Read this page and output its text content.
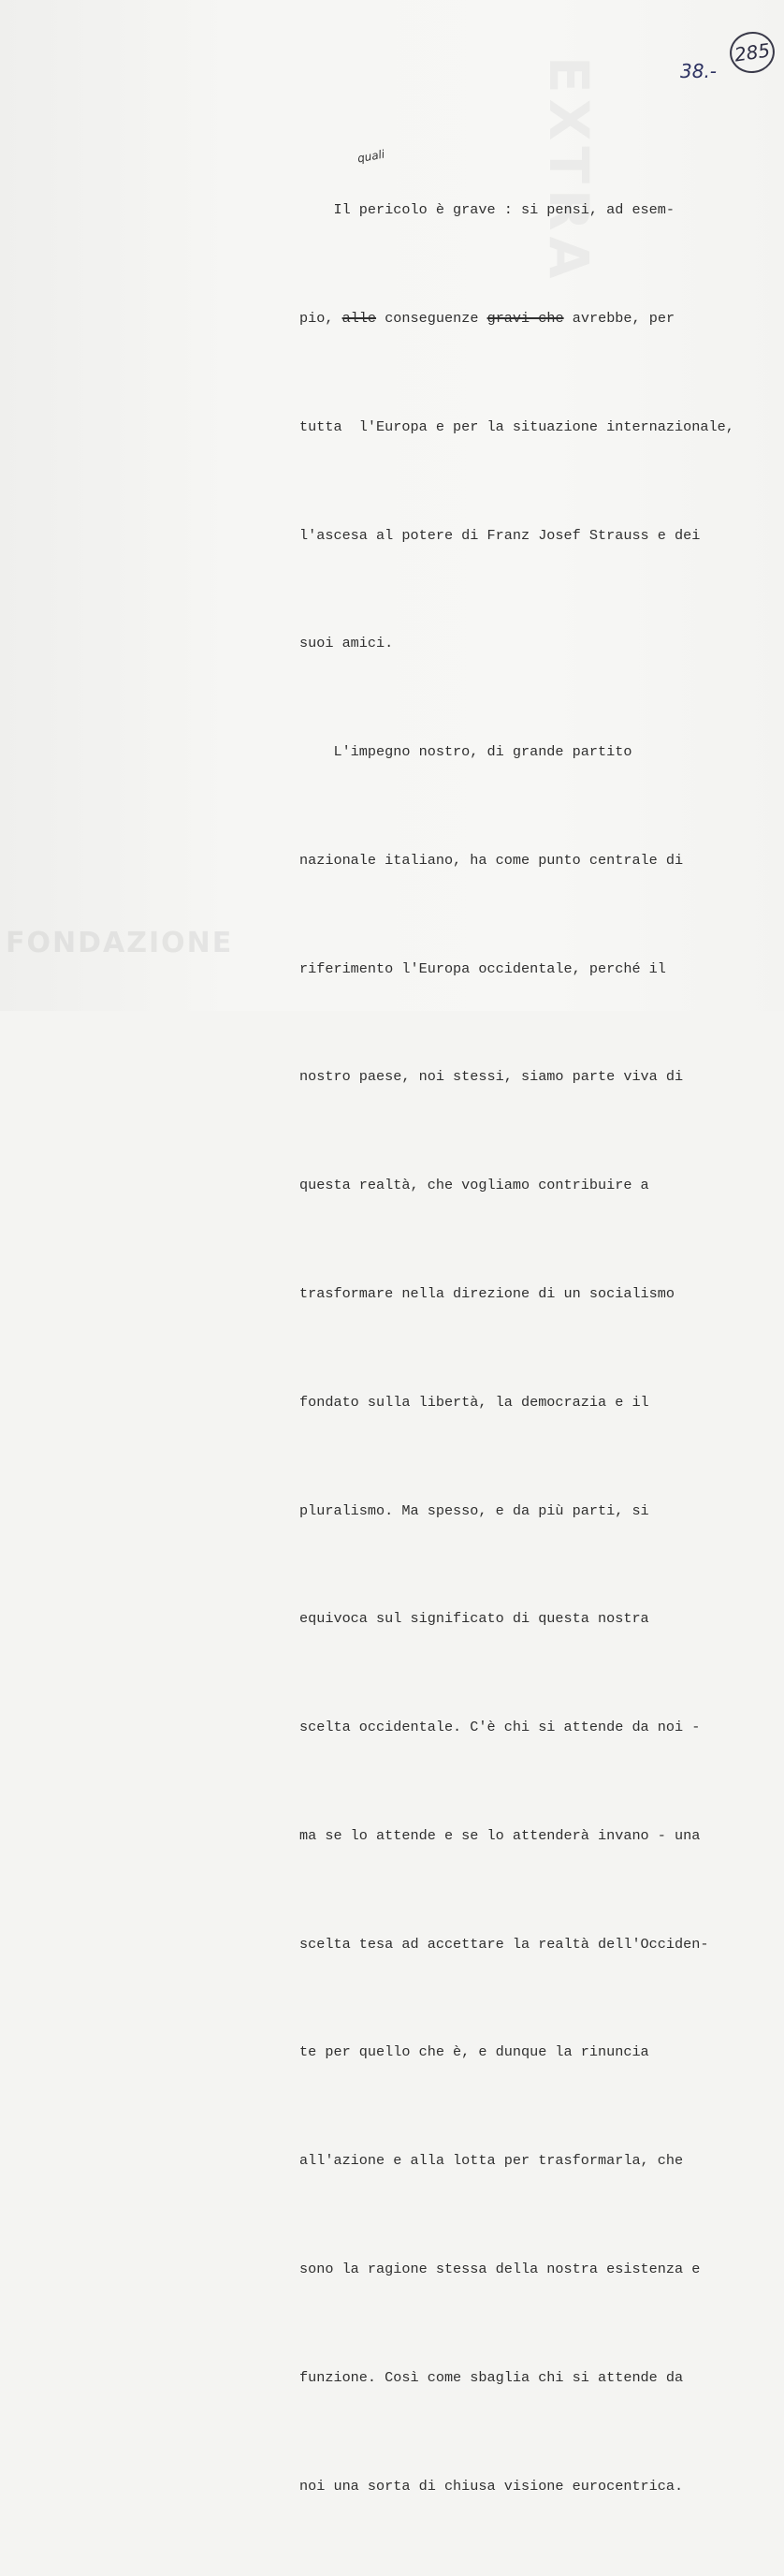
EXTRA
FONDAZIONE
285
38.-
quali

Il pericolo è grave : si pensi, ad esem-

pio, alle conseguenze gravi che avrebbe, per

tutta  l'Europa e per la situazione internazionale,

l'ascesa al potere di Franz Josef Strauss e dei

suoi amici.

L'impegno nostro, di grande partito

nazionale italiano, ha come punto centrale di

riferimento l'Europa occidentale, perché il

nostro paese, noi stessi, siamo parte viva di

questa realtà, che vogliamo contribuire a

trasformare nella direzione di un socialismo

fondato sulla libertà, la democrazia e il

pluralismo. Ma spesso, e da più parti, si

equivoca sul significato di questa nostra

scelta occidentale. C'è chi si attende da noi -

ma se lo attende e se lo attenderà invano - una

scelta tesa ad accettare la realtà dell'Occiden-

te per quello che è, e dunque la rinuncia

all'azione e alla lotta per trasformarla, che

sono la ragione stessa della nostra esistenza e

funzione. Così come sbaglia chi si attende da

noi una sorta di chiusa visione eurocentrica.
